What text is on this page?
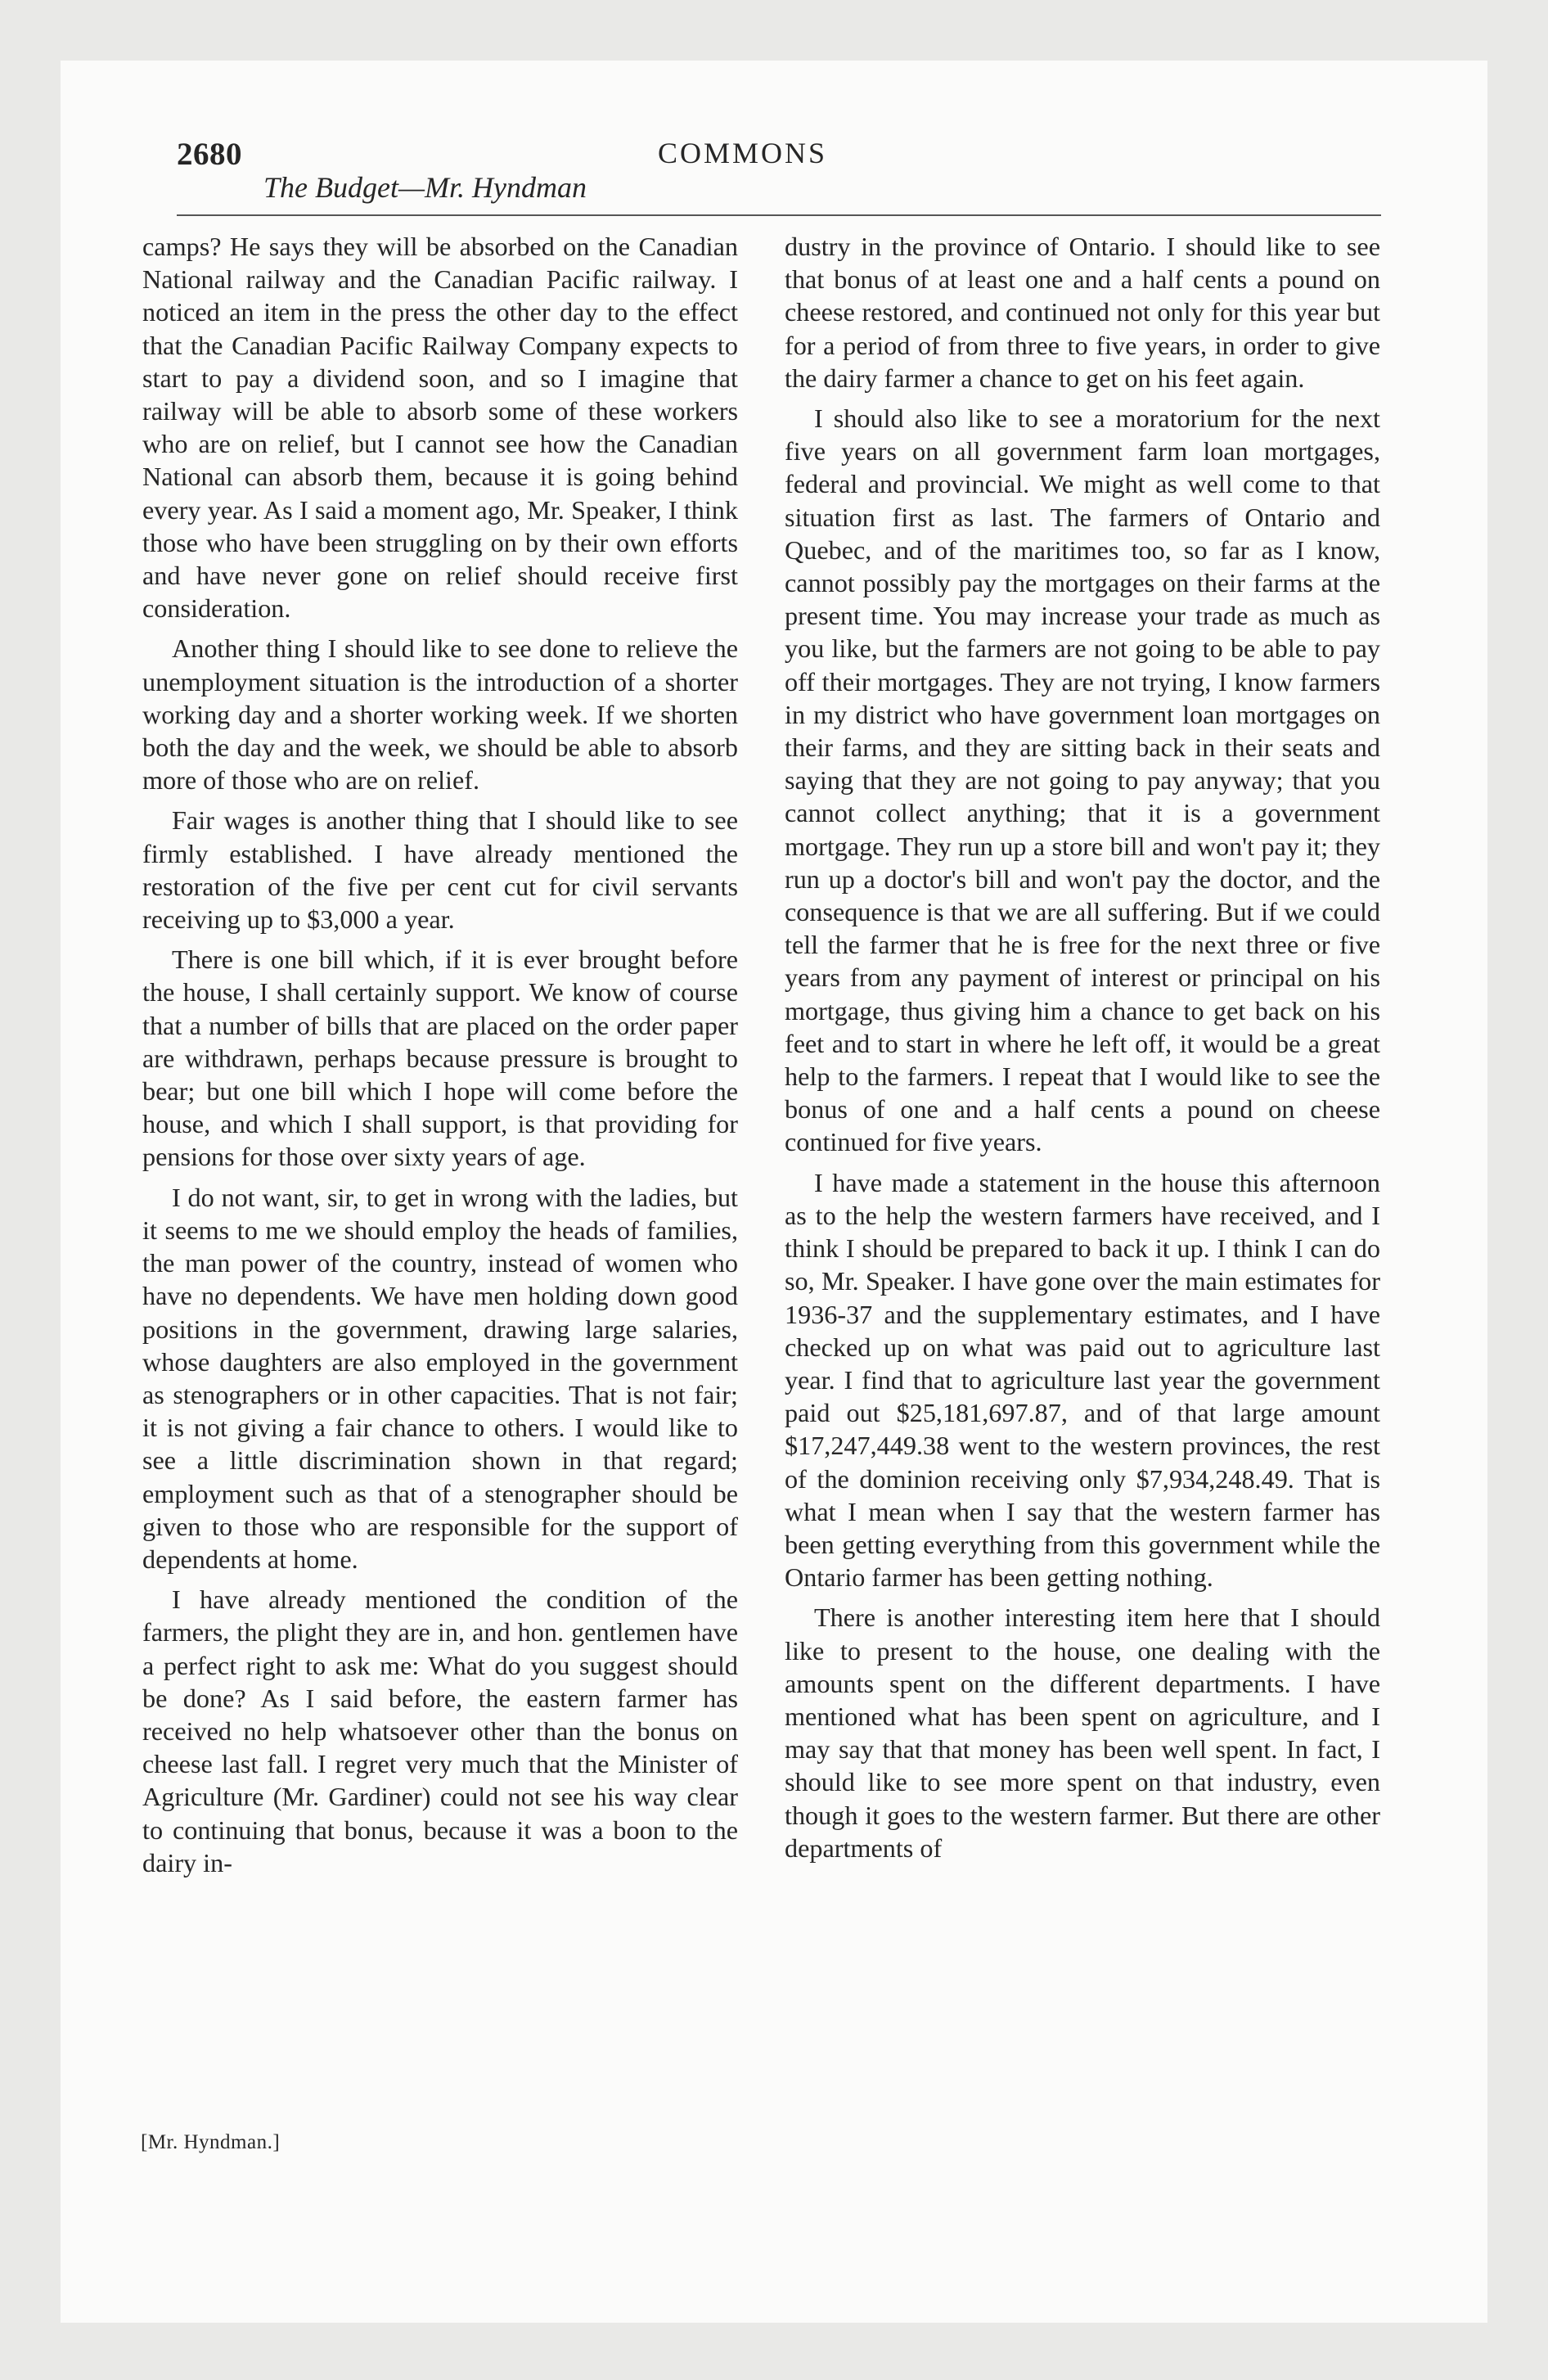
2680	COMMONS
The Budget—Mr. Hyndman

camps? He says they will be absorbed on the Canadian National railway and the Canadian Pacific railway. I noticed an item in the press the other day to the effect that the Canadian Pacific Railway Company expects to start to pay a dividend soon, and so I imagine that railway will be able to absorb some of these workers who are on relief, but I cannot see how the Canadian National can absorb them, because it is going behind every year. As I said a moment ago, Mr. Speaker, I think those who have been struggling on by their own efforts and have never gone on relief should receive first consideration.

Another thing I should like to see done to relieve the unemployment situation is the introduction of a shorter working day and a shorter working week. If we shorten both the day and the week, we should be able to absorb more of those who are on relief.

Fair wages is another thing that I should like to see firmly established. I have already mentioned the restoration of the five per cent cut for civil servants receiving up to $3,000 a year.

There is one bill which, if it is ever brought before the house, I shall certainly support. We know of course that a number of bills that are placed on the order paper are withdrawn, perhaps because pressure is brought to bear; but one bill which I hope will come before the house, and which I shall support, is that providing for pensions for those over sixty years of age.

I do not want, sir, to get in wrong with the ladies, but it seems to me we should employ the heads of families, the man power of the country, instead of women who have no dependents. We have men holding down good positions in the government, drawing large salaries, whose daughters are also employed in the government as stenographers or in other capacities. That is not fair; it is not giving a fair chance to others. I would like to see a little discrimination shown in that regard; employment such as that of a stenographer should be given to those who are responsible for the support of dependents at home.

I have already mentioned the condition of the farmers, the plight they are in, and hon. gentlemen have a perfect right to ask me: What do you suggest should be done? As I said before, the eastern farmer has received no help whatsoever other than the bonus on cheese last fall. I regret very much that the Minister of Agriculture (Mr. Gardiner) could not see his way clear to continuing that bonus, because it was a boon to the dairy in-

dustry in the province of Ontario. I should like to see that bonus of at least one and a half cents a pound on cheese restored, and continued not only for this year but for a period of from three to five years, in order to give the dairy farmer a chance to get on his feet again.

I should also like to see a moratorium for the next five years on all government farm loan mortgages, federal and provincial. We might as well come to that situation first as last. The farmers of Ontario and Quebec, and of the maritimes too, so far as I know, cannot possibly pay the mortgages on their farms at the present time. You may increase your trade as much as you like, but the farmers are not going to be able to pay off their mortgages. They are not trying, I know farmers in my district who have government loan mortgages on their farms, and they are sitting back in their seats and saying that they are not going to pay anyway; that you cannot collect anything; that it is a government mortgage. They run up a store bill and won't pay it; they run up a doctor's bill and won't pay the doctor, and the consequence is that we are all suffering. But if we could tell the farmer that he is free for the next three or five years from any payment of interest or principal on his mortgage, thus giving him a chance to get back on his feet and to start in where he left off, it would be a great help to the farmers. I repeat that I would like to see the bonus of one and a half cents a pound on cheese continued for five years.

I have made a statement in the house this afternoon as to the help the western farmers have received, and I think I should be prepared to back it up. I think I can do so, Mr. Speaker. I have gone over the main estimates for 1936-37 and the supplementary estimates, and I have checked up on what was paid out to agriculture last year. I find that to agriculture last year the government paid out $25,181,697.87, and of that large amount $17,247,449.38 went to the western provinces, the rest of the dominion receiving only $7,934,248.49. That is what I mean when I say that the western farmer has been getting everything from this government while the Ontario farmer has been getting nothing.

There is another interesting item here that I should like to present to the house, one dealing with the amounts spent on the different departments. I have mentioned what has been spent on agriculture, and I may say that that money has been well spent. In fact, I should like to see more spent on that industry, even though it goes to the western farmer. But there are other departments of

[Mr. Hyndman.]
